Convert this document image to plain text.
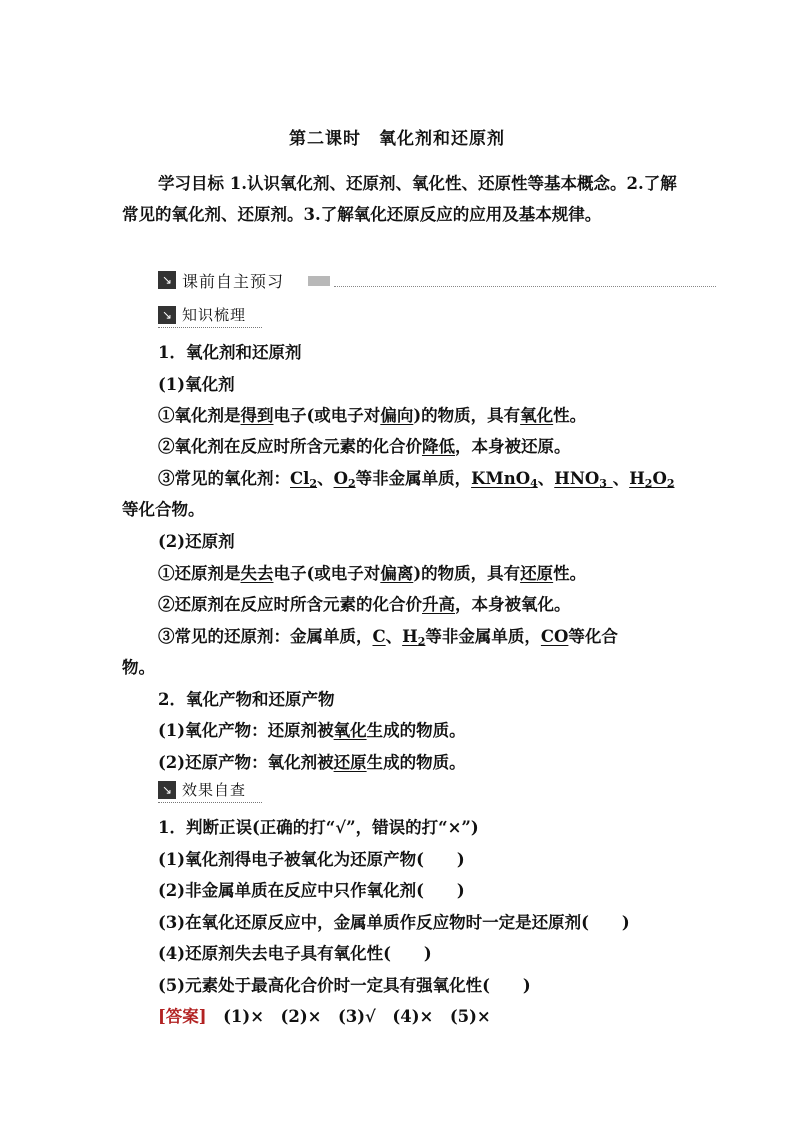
第二课时 氧化剂和还原剂
学习目标 1.认识氧化剂、还原剂、氧化性、还原性等基本概念。2.了解常见的氧化剂、还原剂。3.了解氧化还原反应的应用及基本规律。
↘ 课前自主预习
↘ 知识梳理
1．氧化剂和还原剂
(1)氧化剂
①氧化剂是得到电子(或电子对偏向)的物质，具有氧化性。
②氧化剂在反应时所含元素的化合价降低，本身被还原。
③常见的氧化剂：$Cl_2$、$O_2$等非金属单质，KMnO$_4$、$HNO_3$ 、$H_2O_2$
等化合物。
(2)还原剂
①还原剂是失去电子(或电子对偏离)的物质，具有还原性。
②还原剂在反应时所含元素的化合价升高，本身被氧化。
③常见的还原剂：金属单质，C、$H_2$等非金属单质，CO等化合
物。
2．氧化产物和还原产物
(1)氧化产物：还原剂被氧化生成的物质。
(2)还原产物：氧化剂被还原生成的物质。
↘ 效果自查
1．判断正误(正确的打“√”，错误的打“×”)
(1)氧化剂得电子被氧化为还原产物(　　)
(2)非金属单质在反应中只作氧化剂(　　)
(3)在氧化还原反应中，金属单质作反应物时一定是还原剂(　　)
(4)还原剂失去电子具有氧化性(　　)
(5)元素处于最高化合价时一定具有强氧化性(　　)
[答案]　(1)×　(2)×　(3)√　(4)×　(5)×
